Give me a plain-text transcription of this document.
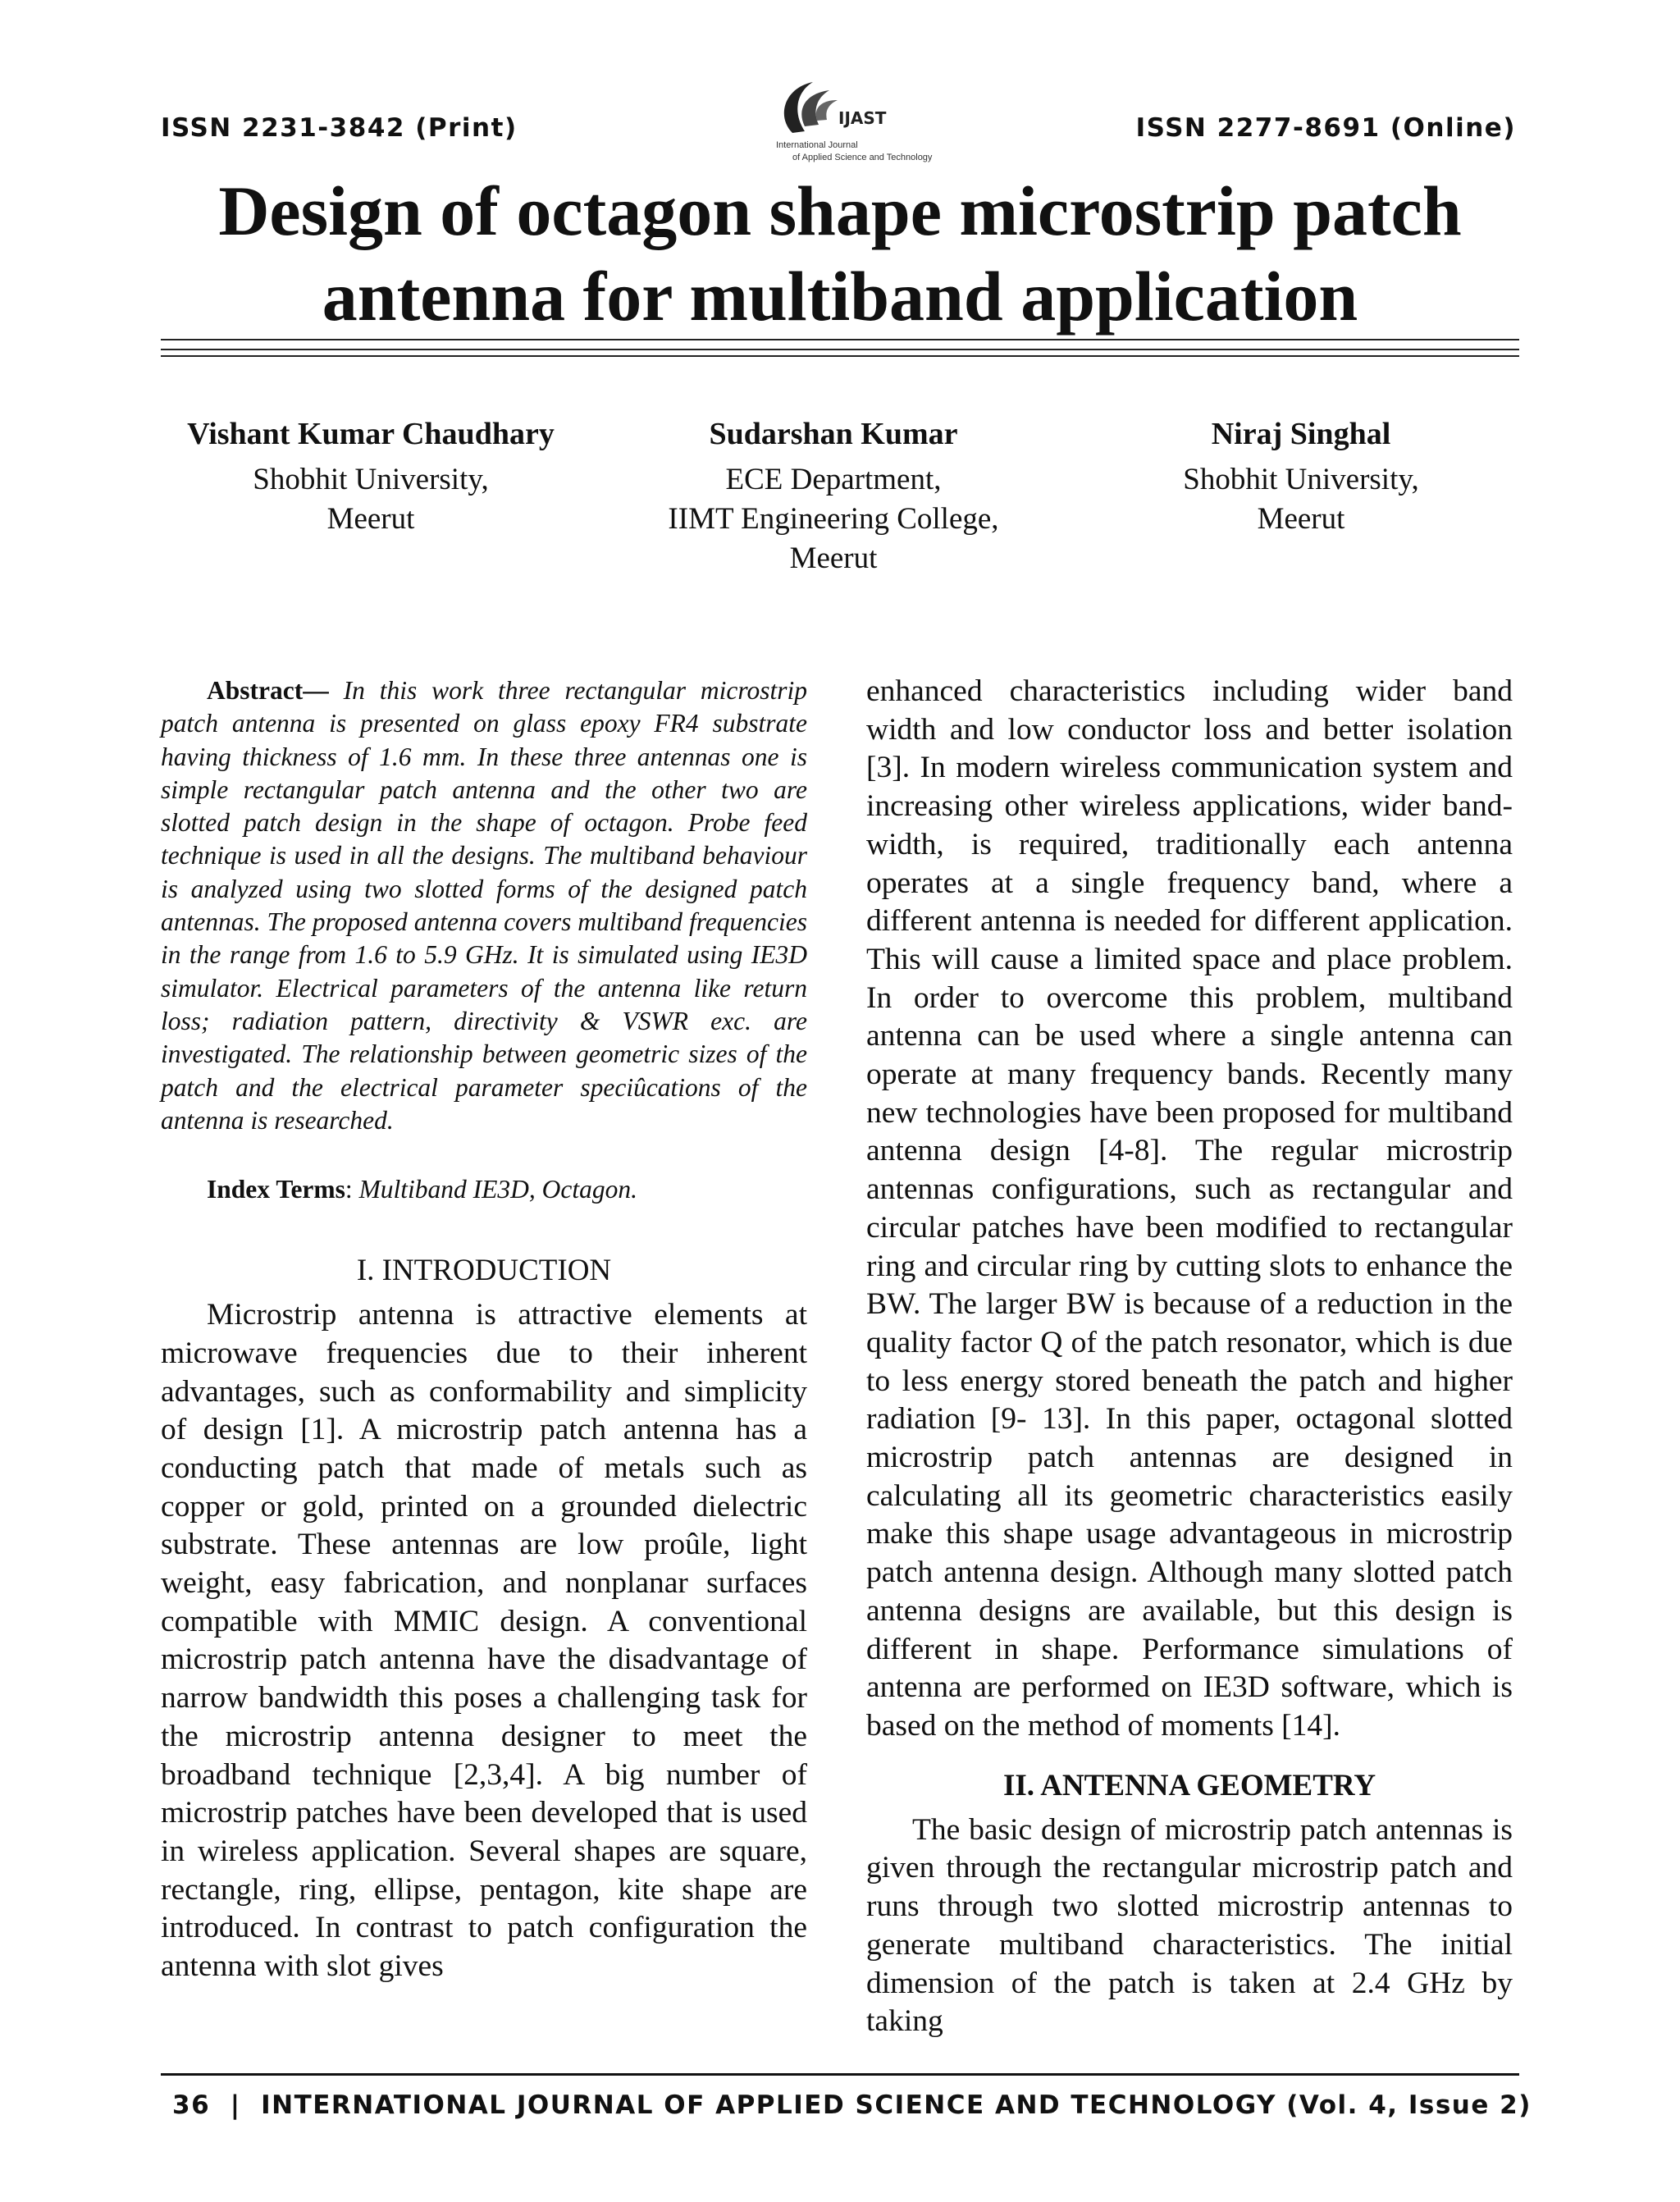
ISSN 2231-3842 (Print)	IJAST
International Journal
of Applied Science and Technology
ISSN 2277-8691 (Online)
Design of octagon shape microstrip patch antenna for multiband application
Vishant Kumar Chaudhary
Shobhit University,
Meerut
Sudarshan Kumar
ECE Department,
IIMT Engineering College,
Meerut
Niraj Singhal
Shobhit University,
Meerut

Abstract— In this work three rectangular microstrip patch antenna is presented on glass epoxy FR4 substrate having thickness of 1.6 mm. In these three antennas one is simple rectangular patch antenna and the other two are slotted patch design in the shape of octagon. Probe feed technique is used in all the designs. The multiband behaviour is analyzed using two slotted forms of the designed patch antennas. The proposed antenna covers multiband frequencies in the range from 1.6 to 5.9 GHz. It is simulated using IE3D simulator. Electrical parameters of the antenna like return loss; radiation pattern, directivity & VSWR exc. are investigated. The relationship between geometric sizes of the patch and the electrical parameter speciûcations of the antenna is researched.

Index Terms: Multiband IE3D, Octagon.

I. INTRODUCTION

Microstrip antenna is attractive elements at microwave frequencies due to their inherent advantages, such as conformability and simplicity of design [1]. A microstrip patch antenna has a conducting patch that made of metals such as copper or gold, printed on a grounded dielectric substrate. These antennas are low proûle, light weight, easy fabrication, and nonplanar surfaces compatible with MMIC design. A conventional microstrip patch antenna have the disadvantage of narrow bandwidth this poses a challenging task for the microstrip antenna designer to meet the broadband technique [2,3,4]. A big number of microstrip patches have been developed that is used in wireless application. Several shapes are square, rectangle, ring, ellipse, pentagon, kite shape are introduced. In contrast to patch configuration the antenna with slot gives

enhanced characteristics including wider band width and low conductor loss and better isolation [3]. In modern wireless communication system and increasing other wireless applications, wider band-width, is required, traditionally each antenna operates at a single frequency band, where a different antenna is needed for different application. This will cause a limited space and place problem. In order to overcome this problem, multiband antenna can be used where a single antenna can operate at many frequency bands. Recently many new technologies have been proposed for multiband antenna design [4-8]. The regular microstrip antennas configurations, such as rectangular and circular patches have been modified to rectangular ring and circular ring by cutting slots to enhance the BW. The larger BW is because of a reduction in the quality factor Q of the patch resonator, which is due to less energy stored beneath the patch and higher radiation [9- 13]. In this paper, octagonal slotted microstrip patch antennas are designed in calculating all its geometric characteristics easily make this shape usage advantageous in microstrip patch antenna design. Although many slotted patch antenna designs are available, but this design is different in shape. Performance simulations of antenna are performed on IE3D software, which is based on the method of moments [14].

II. ANTENNA GEOMETRY

The basic design of microstrip patch antennas is given through the rectangular microstrip patch and runs through two slotted microstrip antennas to generate multiband characteristics. The initial dimension of the patch is taken at 2.4 GHz by taking

36  |  INTERNATIONAL JOURNAL OF APPLIED SCIENCE AND TECHNOLOGY (Vol. 4, Issue 2)
